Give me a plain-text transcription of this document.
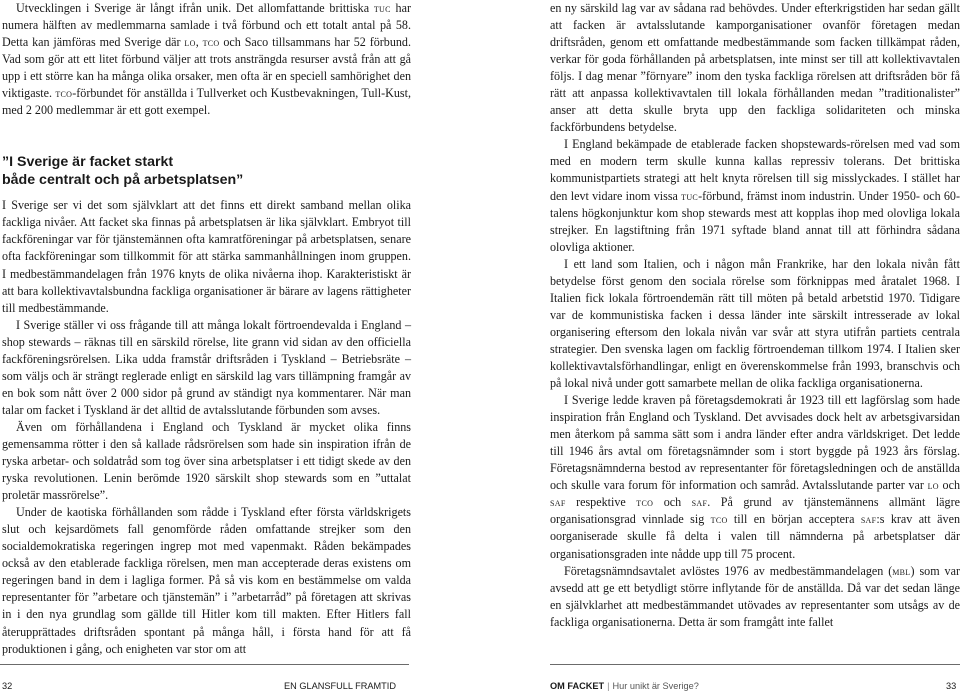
Utvecklingen i Sverige är långt ifrån unik. Det allomfattande brittiska tuc har numera hälften av medlemmarna samlade i två förbund och ett totalt antal på 58. Detta kan jämföras med Sverige där lo, tco och Saco tillsammans har 52 förbund. Vad som gör att ett litet förbund väljer att trots ansträngda resurser avstå från att gå upp i ett större kan ha många olika orsaker, men ofta är en speciell samhörighet den viktigaste. tco-förbundet för anställda i Tullverket och Kustbevakningen, Tull-Kust, med 2 200 medlemmar är ett gott exempel.

”I Sverige är facket starkt
både centralt och på arbetsplatsen”

I Sverige ser vi det som självklart att det finns ett direkt samband mellan olika fackliga nivåer. Att facket ska finnas på arbetsplatsen är lika självklart. Embryot till fackföreningar var för tjänstemännen ofta kamratföreningar på arbetsplatsen, senare ofta fackföreningar som tillkommit för att stärka sammanhållningen inom gruppen. I medbestämmandelagen från 1976 knyts de olika nivåerna ihop. Karakteristiskt är att bara kollektivavtalsbundna fackliga organisationer är bärare av lagens rättigheter till medbestämmande.

I Sverige ställer vi oss frågande till att många lokalt förtroendevalda i England – shop stewards – räknas till en särskild rörelse, lite grann vid sidan av den officiella fackföreningsrörelsen. Lika udda framstår driftsråden i Tyskland – Betriebsräte – som väljs och är strängt reglerade enligt en särskild lag vars tillämpning framgår av en bok som nått över 2 000 sidor på grund av ständigt nya kommentarer. När man talar om facket i Tyskland är det alltid de avtalsslutande förbunden som avses.

Även om förhållandena i England och Tyskland är mycket olika finns gemensamma rötter i den så kallade rådsrörelsen som hade sin inspiration ifrån de ryska arbetar- och soldatråd som tog över sina arbetsplatser i ett tidigt skede av den ryska revolutionen. Lenin berömde 1920 särskilt shop stewards som en ”uttalat proletär massrörelse”.

Under de kaotiska förhållanden som rådde i Tyskland efter första världskrigets slut och kejsardömets fall genomförde råden omfattande strejker som den socialdemokratiska regeringen ingrep mot med vapenmakt. Råden bekämpades också av den etablerade fackliga rörelsen, men man accepterade deras existens om regeringen band in dem i lagliga former. På så vis kom en bestämmelse om valda representanter för ”arbetare och tjänstemän” i ”arbetarråd” på företagen att skrivas in i den nya grundlag som gällde till Hitler kom till makten. Efter Hitlers fall återupprättades driftsråden spontant på många håll, i första hand för att få produktionen i gång, och enigheten var stor om att

en ny särskild lag var av sådana rad behövdes. Under efterkrigstiden har sedan gällt att facken är avtalsslutande kamporganisationer ovanför företagen medan driftsråden, genom ett omfattande medbestämmande som facken tillkämpat råden, verkar för goda förhållanden på arbetsplatsen, inte minst ser till att kollektivavtalen följs. I dag menar ”förnyare” inom den tyska fackliga rörelsen att driftsråden bör få rätt att anpassa kollektivavtalen till lokala förhållanden medan ”traditionalister” anser att detta skulle bryta upp den fackliga solidariteten och minska fackförbundens betydelse.

I England bekämpade de etablerade facken shopstewards-rörelsen med vad som med en modern term skulle kunna kallas repressiv tolerans. Det brittiska kommunistpartiets strategi att helt knyta rörelsen till sig misslyckades. I stället har den levt vidare inom vissa tuc-förbund, främst inom industrin. Under 1950- och 60-talens högkonjunktur kom shop stewards mest att kopplas ihop med olovliga lokala strejker. En lagstiftning från 1971 syftade bland annat till att förhindra sådana olovliga aktioner.

I ett land som Italien, och i någon mån Frankrike, har den lokala nivån fått betydelse först genom den sociala rörelse som förknippas med åratalet 1968. I Italien fick lokala förtroendemän rätt till möten på betald arbetstid 1970. Tidigare var de kommunistiska facken i dessa länder inte särskilt intresserade av lokal organisering eftersom den lokala nivån var svår att styra utifrån partiets centrala strategier. Den svenska lagen om facklig förtroendeman tillkom 1974. I Italien sker kollektivavtalsförhandlingar, enligt en överenskommelse från 1993, branschvis och på lokal nivå under gott samarbete mellan de olika fackliga organisationerna.

I Sverige ledde kraven på företagsdemokrati år 1923 till ett lagförslag som hade inspiration från England och Tyskland. Det avvisades dock helt av arbetsgivarsidan men återkom på samma sätt som i andra länder efter andra världskriget. Det ledde till 1946 års avtal om företagsnämnder som i stort byggde på 1923 års förslag. Företagsnämnderna bestod av representanter för företagsledningen och de anställda och skulle vara forum för information och samråd. Avtalsslutande parter var lo och saf respektive tco och saf. På grund av tjänstemännens allmänt lägre organisationsgrad vinnlade sig tco till en början acceptera saf:s krav att även oorganiserade skulle få delta i valen till nämnderna på arbetsplatser där organisationsgraden inte nådde upp till 75 procent.

Företagsnämndsavtalet avlöstes 1976 av medbestämmandelagen (mbl) som var avsedd att ge ett betydligt större inflytande för de anställda. Då var det sedan länge en självklarhet att medbestämmandet utövades av representanter som utsågs av de fackliga organisationerna. Detta är som framgått inte fallet

32	EN GLANSFULL FRAMTID	OM FACKET | Hur unikt är Sverige?	33
